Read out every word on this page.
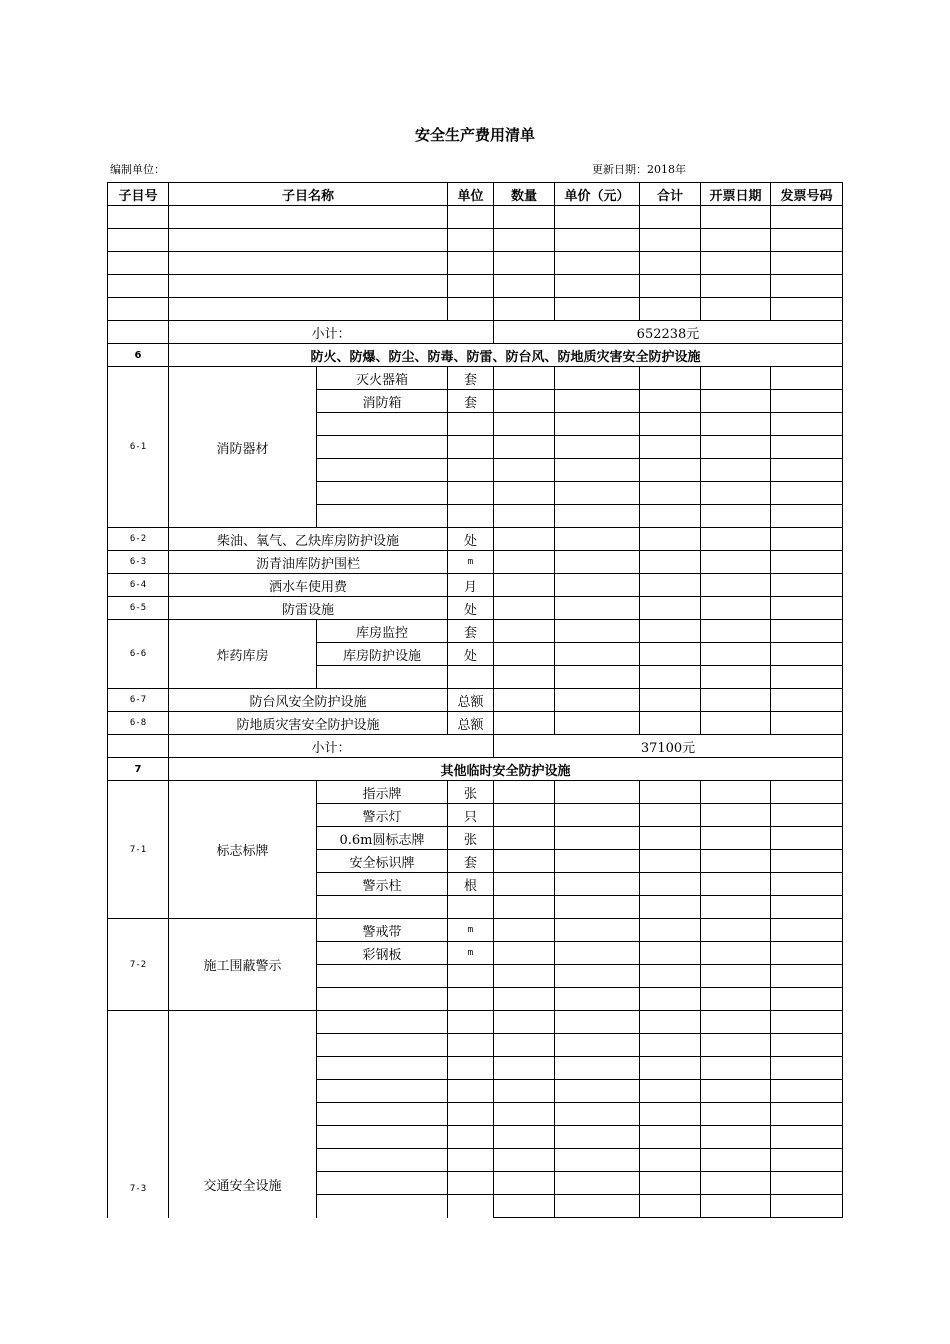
安全生产费用清单
编制单位：	更新日期：2018年
子目号	子目名称		单位	数量	单价（元）	合计	开票日期	发票号码

	小计：			652238元				
6	防火、防爆、防尘、防毒、防雷、防台风、防地质灾害安全防护设施							
6-1	消防器材	灭火器箱	套					
		消防箱	套					

6-2	柴油、氧气、乙炔库房防护设施		处					
6-3	沥青油库防护围栏		m					
6-4	洒水车使用费		月					
6-5	防雷设施		处					
6-6	炸药库房	库房监控	套					
		库房防护设施	处					

6-7	防台风安全防护设施		总额					
6-8	防地质灾害安全防护设施		总额					
	小计：			37100元				
7	其他临时安全防护设施							
7-1	标志标牌	指示牌	张					
		警示灯	只					
		0.6m圆标志牌	张					
		安全标识牌	套					
		警示柱	根					

7-2	施工围蔽警示	警戒带	m					
		彩钢板	m					

7-3	交通安全设施							
